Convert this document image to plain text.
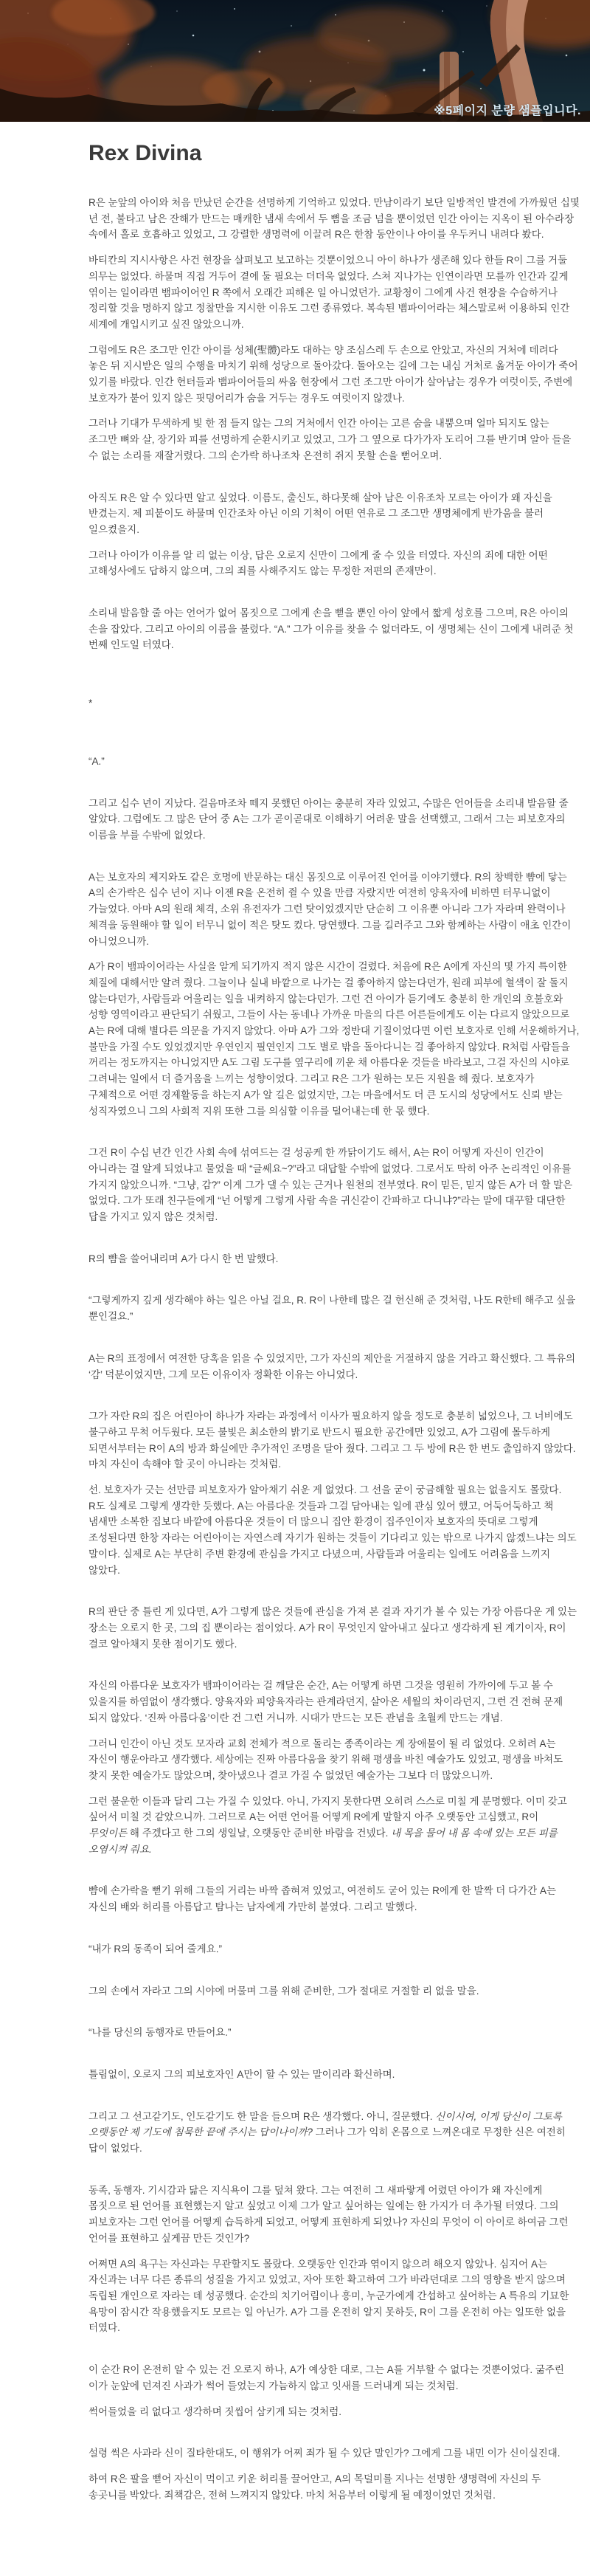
※5페이지 분량 샘플입니다.
Rex Divina

R은 눈앞의 아이와 처음 만났던 순간을 선명하게 기억하고 있었다. 만남이라기 보단 일방적인 발견에 가까웠던 십몇 년 전, 불타고 남은 잔해가 만드는 매캐한 냄새 속에서 두 뼘을 조금 넘을 뿐이었던 인간 아이는 지옥이 된 아수라장 속에서 홀로 호흡하고 있었고, 그 강렬한 생명력에 이끌려 R은 한참 동안이나 아이를 우두커니 내려다 봤다.

바티칸의 지시사항은 사건 현장을 살펴보고 보고하는 것뿐이었으니 아이 하나가 생존해 있다 한들 R이 그를 거둘 의무는 없었다. 하물며 직접 거두어 곁에 둘 필요는 더더욱 없었다. 스쳐 지나가는 인연이라면 모를까 인간과 깊게 엮이는 일이라면 뱀파이어인 R 쪽에서 오래간 피해온 일 아니었던가. 교황청이 그에게 사건 현장을 수습하거나 정리할 것을 명하지 않고 정찰만을 지시한 이유도 그런 종류였다. 복속된 뱀파이어라는 체스말로써 이용하되 인간 세계에 개입시키고 싶진 않았으니까.

그럼에도 R은 조그만 인간 아이를 성체(聖體)라도 대하는 양 조심스레 두 손으로 안았고, 자신의 거처에 데려다 놓은 뒤 지시받은 일의 수행을 마치기 위해 성당으로 돌아갔다. 돌아오는 길에 그는 내심 거처로 옮겨둔 아이가 죽어 있기를 바랐다. 인간 헌터들과 뱀파이어들의 싸움 현장에서 그런 조그만 아이가 살아남는 경우가 여럿이듯, 주변에 보호자가 붙어 있지 않은 핏덩어리가 숨을 거두는 경우도 여럿이지 않겠나.

그러나 기대가 무색하게 빛 한 점 들지 않는 그의 거처에서 인간 아이는 고른 숨을 내뿜으며 얼마 되지도 않는 조그만 뼈와 살, 장기와 피를 선명하게 순환시키고 있었고, 그가 그 옆으로 다가가자 도리어 그를 반기며 알아 들을 수 없는 소리를 재잘거렸다. 그의 손가락 하나조차 온전히 쥐지 못할 손을 뻗어오며.

아직도 R은 알 수 있다면 알고 싶었다. 이름도, 출신도, 하다못해 살아 남은 이유조차 모르는 아이가 왜 자신을 반겼는지. 제 피붙이도 하물며 인간조차 아닌 이의 기척이 어떤 연유로 그 조그만 생명체에게 반가움을 불러 일으켰을지.

그러나 아이가 이유를 알 리 없는 이상, 답은 오로지 신만이 그에게 줄 수 있을 터였다. 자신의 죄에 대한 어떤 고해성사에도 답하지 않으며, 그의 죄를 사해주지도 않는 무정한 저편의 존재만이.

소리내 발음할 줄 아는 언어가 없어 몸짓으로 그에게 손을 뻗을 뿐인 아이 앞에서 짧게 성호를 그으며, R은 아이의 손을 잡았다. 그리고 아이의 이름을 불렀다. “A.” 그가 이유를 찾을 수 없더라도, 이 생명체는 신이 그에게 내려준 첫 번째 인도일 터였다.

*

“A.”

그리고 십수 년이 지났다. 걸음마조차 떼지 못했던 아이는 충분히 자라 있었고, 수많은 언어들을 소리내 발음할 줄 알았다. 그럼에도 그 많은 단어 중 A는 그가 곧이곧대로 이해하기 어려운 말을 선택했고, 그래서 그는 피보호자의 이름을 부를 수밖에 없었다.

A는 보호자의 제지와도 같은 호명에 반문하는 대신 몸짓으로 이루어진 언어를 이야기했다. R의 창백한 뺨에 닿는 A의 손가락은 십수 년이 지나 이젠 R을 온전히 쥘 수 있을 만큼 자랐지만 여전히 양육자에 비하면 터무니없이 가늘었다. 아마 A의 원래 체격, 소위 유전자가 그런 탓이었겠지만 단순히 그 이유뿐 아니라 그가 자라며 완력이나 체격을 동원해야 할 일이 터무니 없이 적은 탓도 컸다. 당연했다. 그를 길러주고 그와 함께하는 사람이 애초 인간이 아니었으니까.

A가 R이 뱀파이어라는 사실을 알게 되기까지 적지 않은 시간이 걸렸다. 처음에 R은 A에게 자신의 몇 가지 특이한 체질에 대해서만 알려 줬다. 그늘이나 실내 바깥으로 나가는 걸 좋아하지 않는다던가, 원래 피부에 혈색이 잘 돌지 않는다던가, 사람들과 어울리는 일을 내켜하지 않는다던가. 그런 건 아이가 듣기에도 충분히 한 개인의 호불호와 성향 영역이라고 판단되기 쉬웠고, 그들이 사는 동네나 가까운 마을의 다른 어른들에게도 이는 다르지 않았으므로 A는 R에 대해 별다른 의문을 가지지 않았다. 아마 A가 그와 정반대 기질이었다면 이런 보호자로 인해 서운해하거나, 불만을 가질 수도 있었겠지만 우연인지 필연인지 그도 별로 밖을 돌아다니는 걸 좋아하지 않았다. R처럼 사람들을 꺼리는 정도까지는 아니었지만 A도 그림 도구를 옆구리에 끼운 채 아름다운 것들을 바라보고, 그걸 자신의 시야로 그려내는 일에서 더 즐거움을 느끼는 성향이었다. 그리고 R은 그가 원하는 모든 지원을 해 줬다. 보호자가 구체적으로 어떤 경제활동을 하는지 A가 알 길은 없었지만, 그는 마을에서도 더 큰 도시의 성당에서도 신뢰 받는 성직자였으니 그의 사회적 지위 또한 그를 의심할 이유를 덜어내는데 한 몫 했다.

그건 R이 수십 년간 인간 사회 속에 섞여드는 걸 성공케 한 까닭이기도 해서, A는 R이 어떻게 자신이 인간이 아니라는 걸 알게 되었냐고 물었을 때 “글쎄요~?”라고 대답할 수밖에 없었다. 그로서도 딱히 아주 논리적인 이유를 가지지 않았으니까. “그냥, 감?” 이게 그가 댈 수 있는 근거나 원천의 전부였다. R이 믿든, 믿지 않든 A가 더 할 말은 없었다. 그가 또래 친구들에게 “넌 어떻게 그렇게 사람 속을 귀신같이 간파하고 다니냐?”라는 말에 대꾸할 대단한 답을 가지고 있지 않은 것처럼.

R의 뺨을 쓸어내리며 A가 다시 한 번 말했다.

“그렇게까지 깊게 생각해야 하는 일은 아닐 걸요, R. R이 나한테 많은 걸 헌신해 준 것처럼, 나도 R한테 해주고 싶을 뿐인걸요.”

A는 R의 표정에서 여전한 당혹을 읽을 수 있었지만, 그가 자신의 제안을 거절하지 않을 거라고 확신했다. 그 특유의 ‘감’ 덕분이었지만, 그게 모든 이유이자 정확한 이유는 아니었다.

그가 자란 R의 집은 어린아이 하나가 자라는 과정에서 이사가 필요하지 않을 정도로 충분히 넓었으나, 그 너비에도 불구하고 무척 어두웠다. 모든 불빛은 최소한의 밝기로 반드시 필요한 공간에만 있었고, A가 그림에 몰두하게 되면서부터는 R이 A의 방과 화실에만 추가적인 조명을 달아 줬다. 그리고 그 두 방에 R은 한 번도 출입하지 않았다. 마치 자신이 속해야 할 곳이 아니라는 것처럼.

선. 보호자가 긋는 선만큼 피보호자가 알아채기 쉬운 게 없었다. 그 선을 굳이 궁금해할 필요는 없을지도 몰랐다. R도 실제로 그렇게 생각한 듯했다. A는 아름다운 것들과 그걸 담아내는 일에 관심 있어 했고, 어둑어둑하고 책 냄새만 소복한 집보다 바깥에 아름다운 것들이 더 많으니 집안 환경이 집주인이자 보호자의 뜻대로 그렇게 조성된다면 한창 자라는 어린아이는 자연스레 자기가 원하는 것들이 기다리고 있는 밖으로 나가지 않겠느냐는 의도 말이다. 실제로 A는 부단히 주변 환경에 관심을 가지고 다녔으며, 사람들과 어울리는 일에도 어려움을 느끼지 않았다.

R의 판단 중 틀린 게 있다면, A가 그렇게 많은 것들에 관심을 가져 본 결과 자기가 볼 수 있는 가장 아름다운 게 있는 장소는 오로지 한 곳, 그의 집 뿐이라는 점이었다. A가 R이 무엇인지 알아내고 싶다고 생각하게 된 계기이자, R이 결코 알아채지 못한 점이기도 했다.

자신의 아름다운 보호자가 뱀파이어라는 걸 깨달은 순간, A는 어떻게 하면 그것을 영원히 가까이에 두고 볼 수 있을지를 하염없이 생각했다. 양육자와 피양육자라는 관계라던지, 살아온 세월의 차이라던지, 그런 건 전혀 문제 되지 않았다. ‘진짜 아름다움’이란 건 그런 거니까. 시대가 만드는 모든 관념을 초월케 만드는 개념.

그러니 인간이 아닌 것도 모자라 교회 전체가 적으로 돌리는 종족이라는 게 장애물이 될 리 없었다. 오히려 A는 자신이 행운아라고 생각했다. 세상에는 진짜 아름다움을 찾기 위해 평생을 바친 예술가도 있었고, 평생을 바쳐도 찾지 못한 예술가도 많았으며, 찾아냈으나 결코 가질 수 없었던 예술가는 그보다 더 많았으니까.

그런 불운한 이들과 달리 그는 가질 수 있었다. 아니, 가지지 못한다면 오히려 스스로 미칠 게 분명했다. 이미 갖고 싶어서 미칠 것 같았으니까. 그러므로 A는 어떤 언어를 어떻게 R에게 말할지 아주 오랫동안 고심했고, R이 무엇이든 해 주겠다고 한 그의 생일날, 오랫동안 준비한 바람을 건넸다. 내 목을 물어 내 몸 속에 있는 모든 피를 오염시켜 줘요.

뺨에 손가락을 뻗기 위해 그들의 거리는 바짝 좁혀져 있었고, 여전히도 굳어 있는 R에게 한 발짝 더 다가간 A는 자신의 배와 허리를 아름답고 탐나는 남자에게 가만히 붙였다. 그리고 말했다.

“내가 R의 동족이 되어 줄게요.”

그의 손에서 자라고 그의 시야에 머물며 그를 위해 준비한, 그가 절대로 거절할 리 없을 말을.

“나를 당신의 동행자로 만들어요.”

틀림없이, 오로지 그의 피보호자인 A만이 할 수 있는 말이리라 확신하며.

그리고 그 선고같기도, 인도같기도 한 말을 들으며 R은 생각했다. 아니, 질문했다. 신이시여, 이게 당신이 그토록 오랫동안 제 기도에 침묵한 끝에 주시는 답이나이까? 그러나 그가 익히 온몸으로 느껴온대로 무정한 신은 여전히 답이 없었다.

동족, 동행자. 기시감과 닮은 지식욕이 그를 덮쳐 왔다. 그는 여전히 그 새파랗게 어렸던 아이가 왜 자신에게 몸짓으로 된 언어를 표현했는지 알고 싶었고 이제 그가 알고 싶어하는 일에는 한 가지가 더 추가될 터였다. 그의 피보호자는 그런 언어를 어떻게 습득하게 되었고, 어떻게 표현하게 되었나? 자신의 무엇이 이 아이로 하여금 그런 언어를 표현하고 싶게끔 만든 것인가?

어쩌면 A의 욕구는 자신과는 무관할지도 몰랐다. 오랫동안 인간과 엮이지 않으려 해오지 않았나. 심지어 A는 자신과는 너무 다른 종류의 성질을 가지고 있었고, 자아 또한 확고하여 그가 바라던대로 그의 영향을 받지 않으며 독립된 개인으로 자라는 데 성공했다. 순간의 치기어림이나 흥미, 누군가에게 간섭하고 싶어하는 A 특유의 기묘한 욕망이 잠시간 작용했을지도 모르는 일 아닌가. A가 그를 온전히 알지 못하듯, R이 그를 온전히 아는 일또한 없을 터였다.

이 순간 R이 온전히 알 수 있는 건 오로지 하나, A가 예상한 대로, 그는 A를 거부할 수 없다는 것뿐이었다. 굶주린 이가 눈앞에 던져진 사과가 썩어 들었는지 가늠하지 않고 잇새를 드러내게 되는 것처럼.

썩어들었을 리 없다고 생각하며 짓씹어 삼키게 되는 것처럼.

설령 썩은 사과라 신이 질타한대도, 이 행위가 어찌 죄가 될 수 있단 말인가? 그에게 그를 내민 이가 신이실진대.

하여 R은 팔을 뻗어 자신이 먹이고 키운 허리를 끌어안고, A의 목덜미를 지나는 선명한 생명력에 자신의 두 송곳니를 박았다. 죄책감은, 전혀 느껴지지 않았다. 마치 처음부터 이렇게 될 예정이었던 것처럼.
